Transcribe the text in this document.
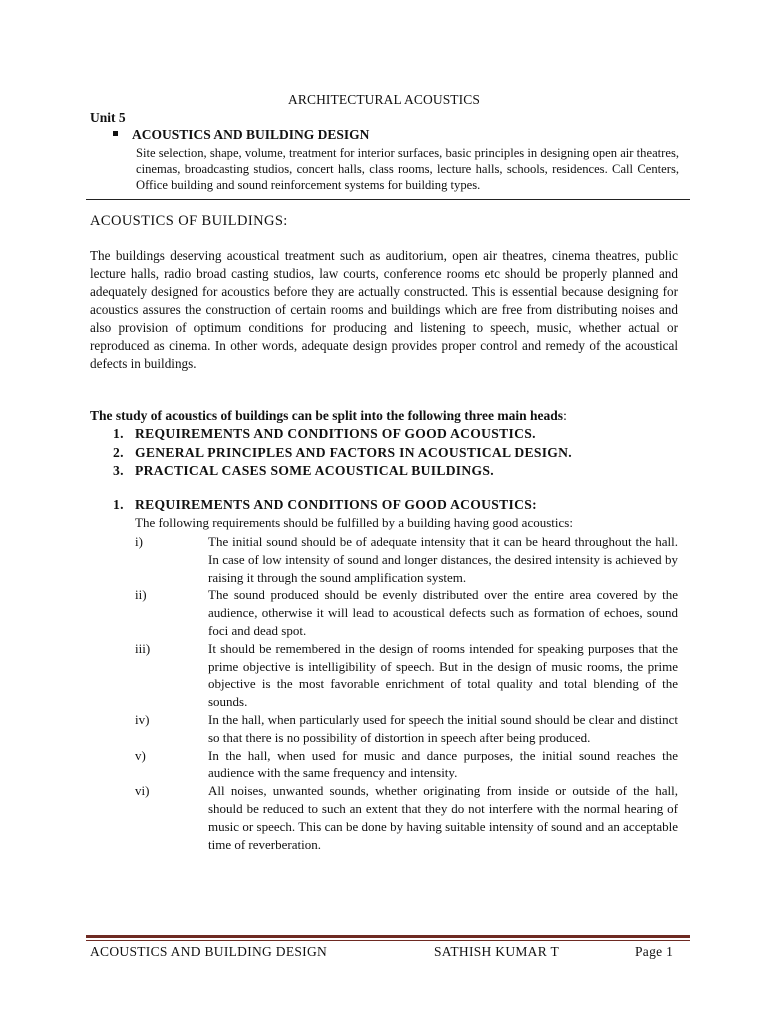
ARCHITECTURAL ACOUSTICS
Unit 5
ACOUSTICS AND BUILDING DESIGN
Site selection, shape, volume, treatment for interior surfaces, basic principles in designing open air theatres, cinemas, broadcasting studios, concert halls, class rooms, lecture halls, schools, residences. Call Centers, Office building and sound reinforcement systems for building types.
ACOUSTICS OF BUILDINGS:
The buildings deserving acoustical treatment such as auditorium, open air theatres, cinema theatres, public lecture halls, radio broad casting studios, law courts, conference rooms etc should be properly planned and adequately designed for acoustics before they are actually constructed. This is essential because designing for acoustics assures the construction of certain rooms and buildings which are free from distributing noises and also provision of optimum conditions for producing and listening to speech, music, whether actual or reproduced as cinema. In other words, adequate design provides proper control and remedy of the acoustical defects in buildings.
The study of acoustics of buildings can be split into the following three main heads:
1. REQUIREMENTS AND CONDITIONS OF GOOD ACOUSTICS.
2. GENERAL PRINCIPLES AND FACTORS IN ACOUSTICAL DESIGN.
3. PRACTICAL CASES SOME ACOUSTICAL BUILDINGS.
1. REQUIREMENTS AND CONDITIONS OF GOOD ACOUSTICS:
The following requirements should be fulfilled by a building having good acoustics:
i)	The initial sound should be of adequate intensity that it can be heard throughout the hall. In case of low intensity of sound and longer distances, the desired intensity is achieved by raising it through the sound amplification system.
ii)	The sound produced should be evenly distributed over the entire area covered by the audience, otherwise it will lead to acoustical defects such as formation of echoes, sound foci and dead spot.
iii)	It should be remembered in the design of rooms intended for speaking purposes that the prime objective is intelligibility of speech. But in the design of music rooms, the prime objective is the most favorable enrichment of total quality and total blending of the sounds.
iv)	In the hall, when particularly used for speech the initial sound should be clear and distinct so that there is no possibility of distortion in speech after being produced.
v)	In the hall, when used for music and dance purposes, the initial sound reaches the audience with the same frequency and intensity.
vi)	All noises, unwanted sounds, whether originating from inside or outside of the hall, should be reduced to such an extent that they do not interfere with the normal hearing of music or speech. This can be done by having suitable intensity of sound and an acceptable time of reverberation.
ACOUSTICS AND BUILDING DESIGN	SATHISH KUMAR T	Page 1
